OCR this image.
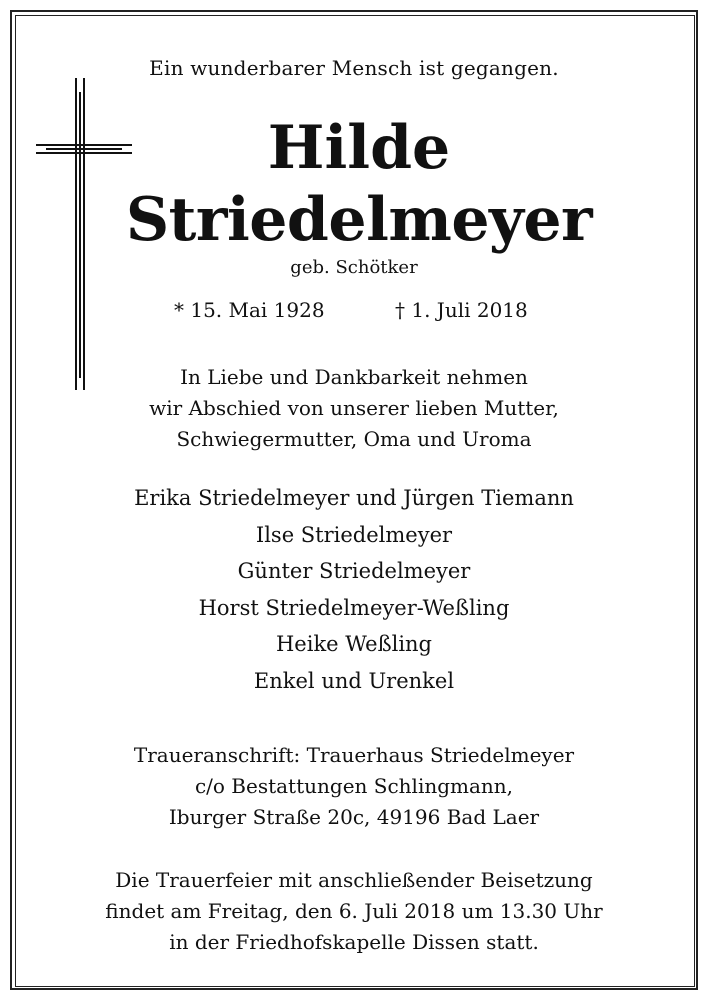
Ein wunderbarer Mensch ist gegangen.
Hilde
Striedelmeyer
geb. Schötker
* 15. Mai 1928	† 1. Juli 2018
In Liebe und Dankbarkeit nehmen
wir Abschied von unserer lieben Mutter,
Schwiegermutter, Oma und Uroma
Erika Striedelmeyer und Jürgen Tiemann
Ilse Striedelmeyer
Günter Striedelmeyer
Horst Striedelmeyer-Weßling
Heike Weßling
Enkel und Urenkel
Traueranschrift: Trauerhaus Striedelmeyer
c/o Bestattungen Schlingmann,
Iburger Straße 20c, 49196 Bad Laer
Die Trauerfeier mit anschließender Beisetzung
findet am Freitag, den 6. Juli 2018 um 13.30 Uhr
in der Friedhofskapelle Dissen statt.
